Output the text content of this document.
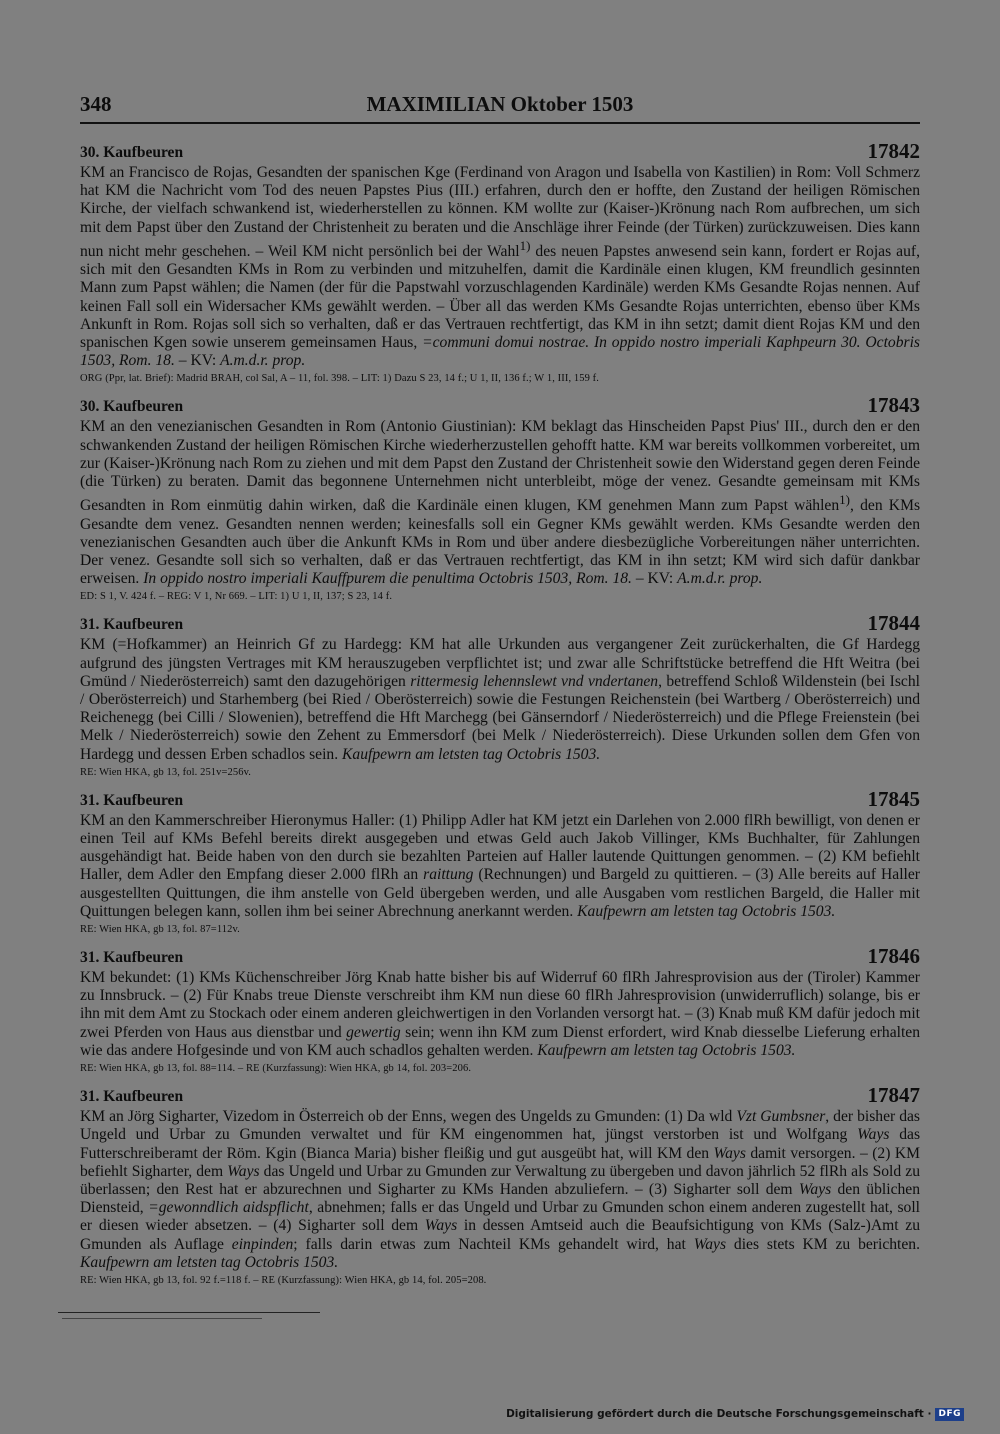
348	MAXIMILIAN Oktober 1503
30. Kaufbeuren	17842

KM an Francisco de Rojas, Gesandten der spanischen Kge (Ferdinand von Aragon und Isabella von Kastilien) in Rom: Voll Schmerz hat KM die Nachricht vom Tod des neuen Papstes Pius (III.) erfahren, durch den er hoffte, den Zustand der heiligen Römischen Kirche, der vielfach schwankend ist, wiederherstellen zu können. KM wollte zur (Kaiser-)Krönung nach Rom aufbrechen, um sich mit dem Papst über den Zustand der Christenheit zu beraten und die Anschläge ihrer Feinde (der Türken) zurückzuweisen. Dies kann nun nicht mehr geschehen. – Weil KM nicht persönlich bei der Wahl$^{1)}$ des neuen Papstes anwesend sein kann, fordert er Rojas auf, sich mit den Gesandten KMs in Rom zu verbinden und mitzuhelfen, damit die Kardinäle einen klugen, KM freundlich gesinnten Mann zum Papst wählen; die Namen (der für die Papstwahl vorzuschlagenden Kardinäle) werden KMs Gesandte Rojas nennen. Auf keinen Fall soll ein Widersacher KMs gewählt werden. – Über all das werden KMs Gesandte Rojas unterrichten, ebenso über KMs Ankunft in Rom. Rojas soll sich so verhalten, daß er das Vertrauen rechtfertigt, das KM in ihn setzt; damit dient Rojas KM und den spanischen Kgen sowie unserem gemeinsamen Haus, =communi domui nostrae. In oppido nostro imperiali Kaphpeurn 30. Octobris 1503, Rom. 18. – KV: A.m.d.r. prop.

ORG (Ppr, lat. Brief): Madrid BRAH, col Sal, A – 11, fol. 398. – LIT: 1) Dazu S 23, 14 f.; U 1, II, 136 f.; W 1, III, 159 f.

30. Kaufbeuren	17843

KM an den venezianischen Gesandten in Rom (Antonio Giustinian): KM beklagt das Hinscheiden Papst Pius' III., durch den er den schwankenden Zustand der heiligen Römischen Kirche wiederherzustellen gehofft hatte. KM war bereits vollkommen vorbereitet, um zur (Kaiser-)Krönung nach Rom zu ziehen und mit dem Papst den Zustand der Christenheit sowie den Widerstand gegen deren Feinde (die Türken) zu beraten. Damit das begonnene Unternehmen nicht unterbleibt, möge der venez. Gesandte gemeinsam mit KMs Gesandten in Rom einmütig dahin wirken, daß die Kardinäle einen klugen, KM genehmen Mann zum Papst wählen$^{1)}$, den KMs Gesandte dem venez. Gesandten nennen werden; keinesfalls soll ein Gegner KMs gewählt werden. KMs Gesandte werden den venezianischen Gesandten auch über die Ankunft KMs in Rom und über andere diesbezügliche Vorbereitungen näher unterrichten. Der venez. Gesandte soll sich so verhalten, daß er das Vertrauen rechtfertigt, das KM in ihn setzt; KM wird sich dafür dankbar erweisen. In oppido nostro imperiali Kauffpurem die penultima Octobris 1503, Rom. 18. – KV: A.m.d.r. prop.

ED: S 1, V. 424 f. – REG: V 1, Nr 669. – LIT: 1) U 1, II, 137; S 23, 14 f.

31. Kaufbeuren	17844

KM (=Hofkammer) an Heinrich Gf zu Hardegg: KM hat alle Urkunden aus vergangener Zeit zurückerhalten, die Gf Hardegg aufgrund des jüngsten Vertrages mit KM herauszugeben verpflichtet ist; und zwar alle Schriftstücke betreffend die Hft Weitra (bei Gmünd / Niederösterreich) samt den dazugehörigen rittermesig lehennslewt vnd vndertanen, betreffend Schloß Wildenstein (bei Ischl / Oberösterreich) und Starhemberg (bei Ried / Oberösterreich) sowie die Festungen Reichenstein (bei Wartberg / Oberösterreich) und Reichenegg (bei Cilli / Slowenien), betreffend die Hft Marchegg (bei Gänserndorf / Niederösterreich) und die Pflege Freienstein (bei Melk / Niederösterreich) sowie den Zehent zu Emmersdorf (bei Melk / Niederösterreich). Diese Urkunden sollen dem Gfen von Hardegg und dessen Erben schadlos sein. Kaufpewrn am letsten tag Octobris 1503.

RE: Wien HKA, gb 13, fol. 251v=256v.

31. Kaufbeuren	17845

KM an den Kammerschreiber Hieronymus Haller: (1) Philipp Adler hat KM jetzt ein Darlehen von 2.000 flRh bewilligt, von denen er einen Teil auf KMs Befehl bereits direkt ausgegeben und etwas Geld auch Jakob Villinger, KMs Buchhalter, für Zahlungen ausgehändigt hat. Beide haben von den durch sie bezahlten Parteien auf Haller lautende Quittungen genommen. – (2) KM befiehlt Haller, dem Adler den Empfang dieser 2.000 flRh an raittung (Rechnungen) und Bargeld zu quittieren. – (3) Alle bereits auf Haller ausgestellten Quittungen, die ihm anstelle von Geld übergeben werden, und alle Ausgaben vom restlichen Bargeld, die Haller mit Quittungen belegen kann, sollen ihm bei seiner Abrechnung anerkannt werden. Kaufpewrn am letsten tag Octobris 1503.

RE: Wien HKA, gb 13, fol. 87=112v.

31. Kaufbeuren	17846

KM bekundet: (1) KMs Küchenschreiber Jörg Knab hatte bisher bis auf Widerruf 60 flRh Jahresprovision aus der (Tiroler) Kammer zu Innsbruck. – (2) Für Knabs treue Dienste verschreibt ihm KM nun diese 60 flRh Jahresprovision (unwiderruflich) solange, bis er ihn mit dem Amt zu Stockach oder einem anderen gleichwertigen in den Vorlanden versorgt hat. – (3) Knab muß KM dafür jedoch mit zwei Pferden von Haus aus dienstbar und gewertig sein; wenn ihn KM zum Dienst erfordert, wird Knab diesselbe Lieferung erhalten wie das andere Hofgesinde und von KM auch schadlos gehalten werden. Kaufpewrn am letsten tag Octobris 1503.

RE: Wien HKA, gb 13, fol. 88=114. – RE (Kurzfassung): Wien HKA, gb 14, fol. 203=206.

31. Kaufbeuren	17847

KM an Jörg Sigharter, Vizedom in Österreich ob der Enns, wegen des Ungelds zu Gmunden: (1) Da wld Vzt Gumbsner, der bisher das Ungeld und Urbar zu Gmunden verwaltet und für KM eingenommen hat, jüngst verstorben ist und Wolfgang Ways das Futterschreiberamt der Röm. Kgin (Bianca Maria) bisher fleißig und gut ausgeübt hat, will KM den Ways damit versorgen. – (2) KM befiehlt Sigharter, dem Ways das Ungeld und Urbar zu Gmunden zur Verwaltung zu übergeben und davon jährlich 52 flRh als Sold zu überlassen; den Rest hat er abzurechnen und Sigharter zu KMs Handen abzuliefern. – (3) Sigharter soll dem Ways den üblichen Diensteid, =gewonndlich aidspflicht, abnehmen; falls er das Ungeld und Urbar zu Gmunden schon einem anderen zugestellt hat, soll er diesen wieder absetzen. – (4) Sigharter soll dem Ways in dessen Amtseid auch die Beaufsichtigung von KMs (Salz-)Amt zu Gmunden als Auflage einpinden; falls darin etwas zum Nachteil KMs gehandelt wird, hat Ways dies stets KM zu berichten. Kaufpewrn am letsten tag Octobris 1503.

RE: Wien HKA, gb 13, fol. 92 f.=118 f. – RE (Kurzfassung): Wien HKA, gb 14, fol. 205=208.

Digitalisierung gefördert durch die Deutsche Forschungsgemeinschaft · DFG
